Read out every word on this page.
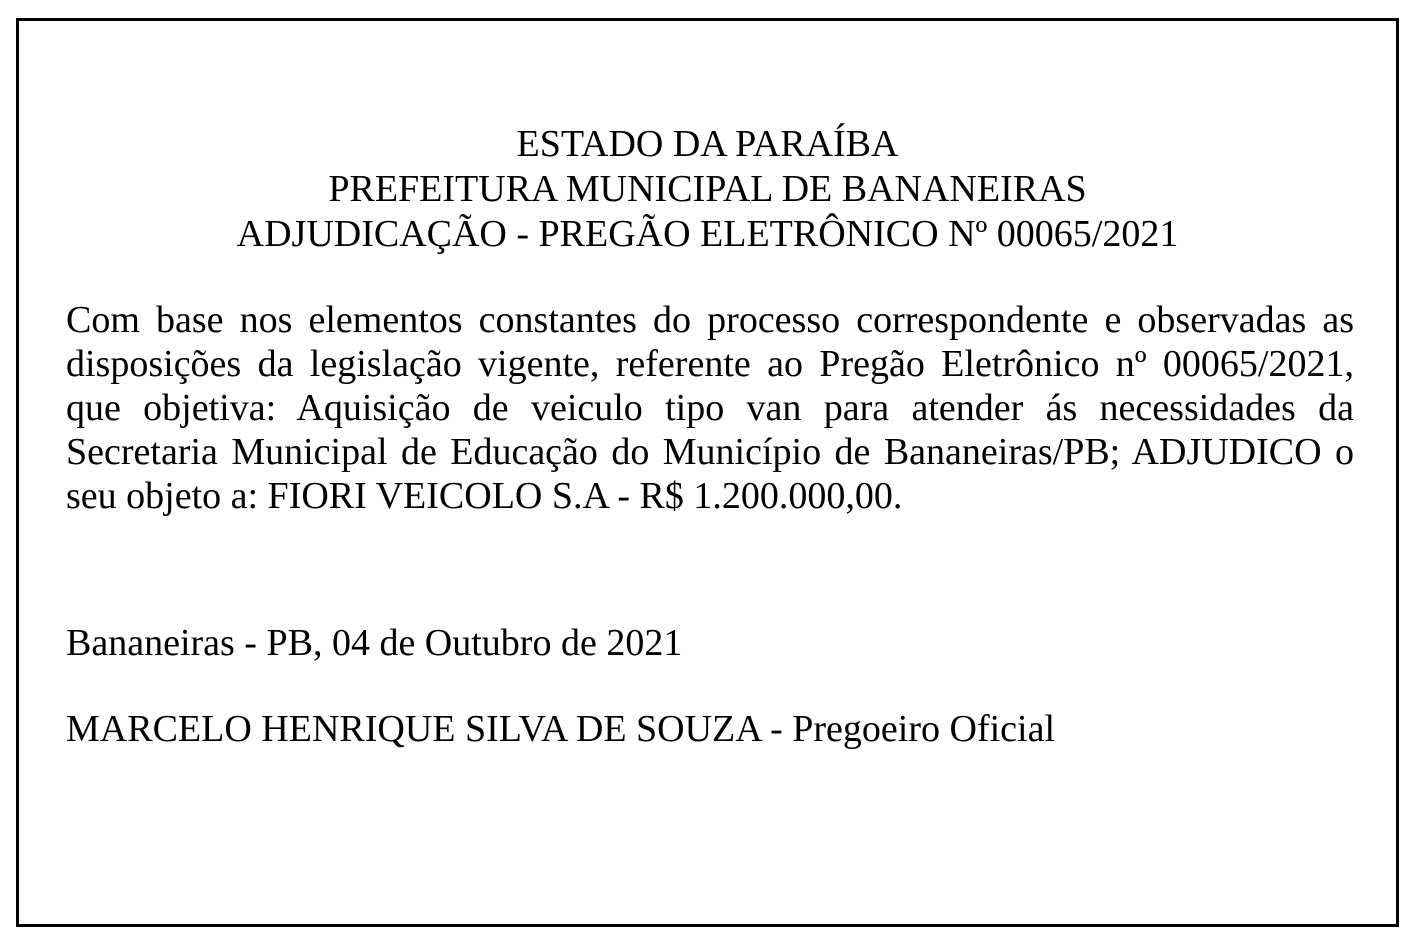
ESTADO DA PARAÍBA
PREFEITURA MUNICIPAL DE BANANEIRAS
ADJUDICAÇÃO - PREGÃO ELETRÔNICO Nº 00065/2021
Com base nos elementos constantes do processo correspondente e observadas as disposições da legislação vigente, referente ao Pregão Eletrônico nº 00065/2021, que objetiva: Aquisição de veiculo tipo van para atender ás necessidades da Secretaria Municipal de Educação do Município de Bananeiras/PB; ADJUDICO o seu objeto a: FIORI VEICOLO S.A - R$ 1.200.000,00.
Bananeiras - PB, 04 de Outubro de 2021
MARCELO HENRIQUE SILVA DE SOUZA - Pregoeiro Oficial
